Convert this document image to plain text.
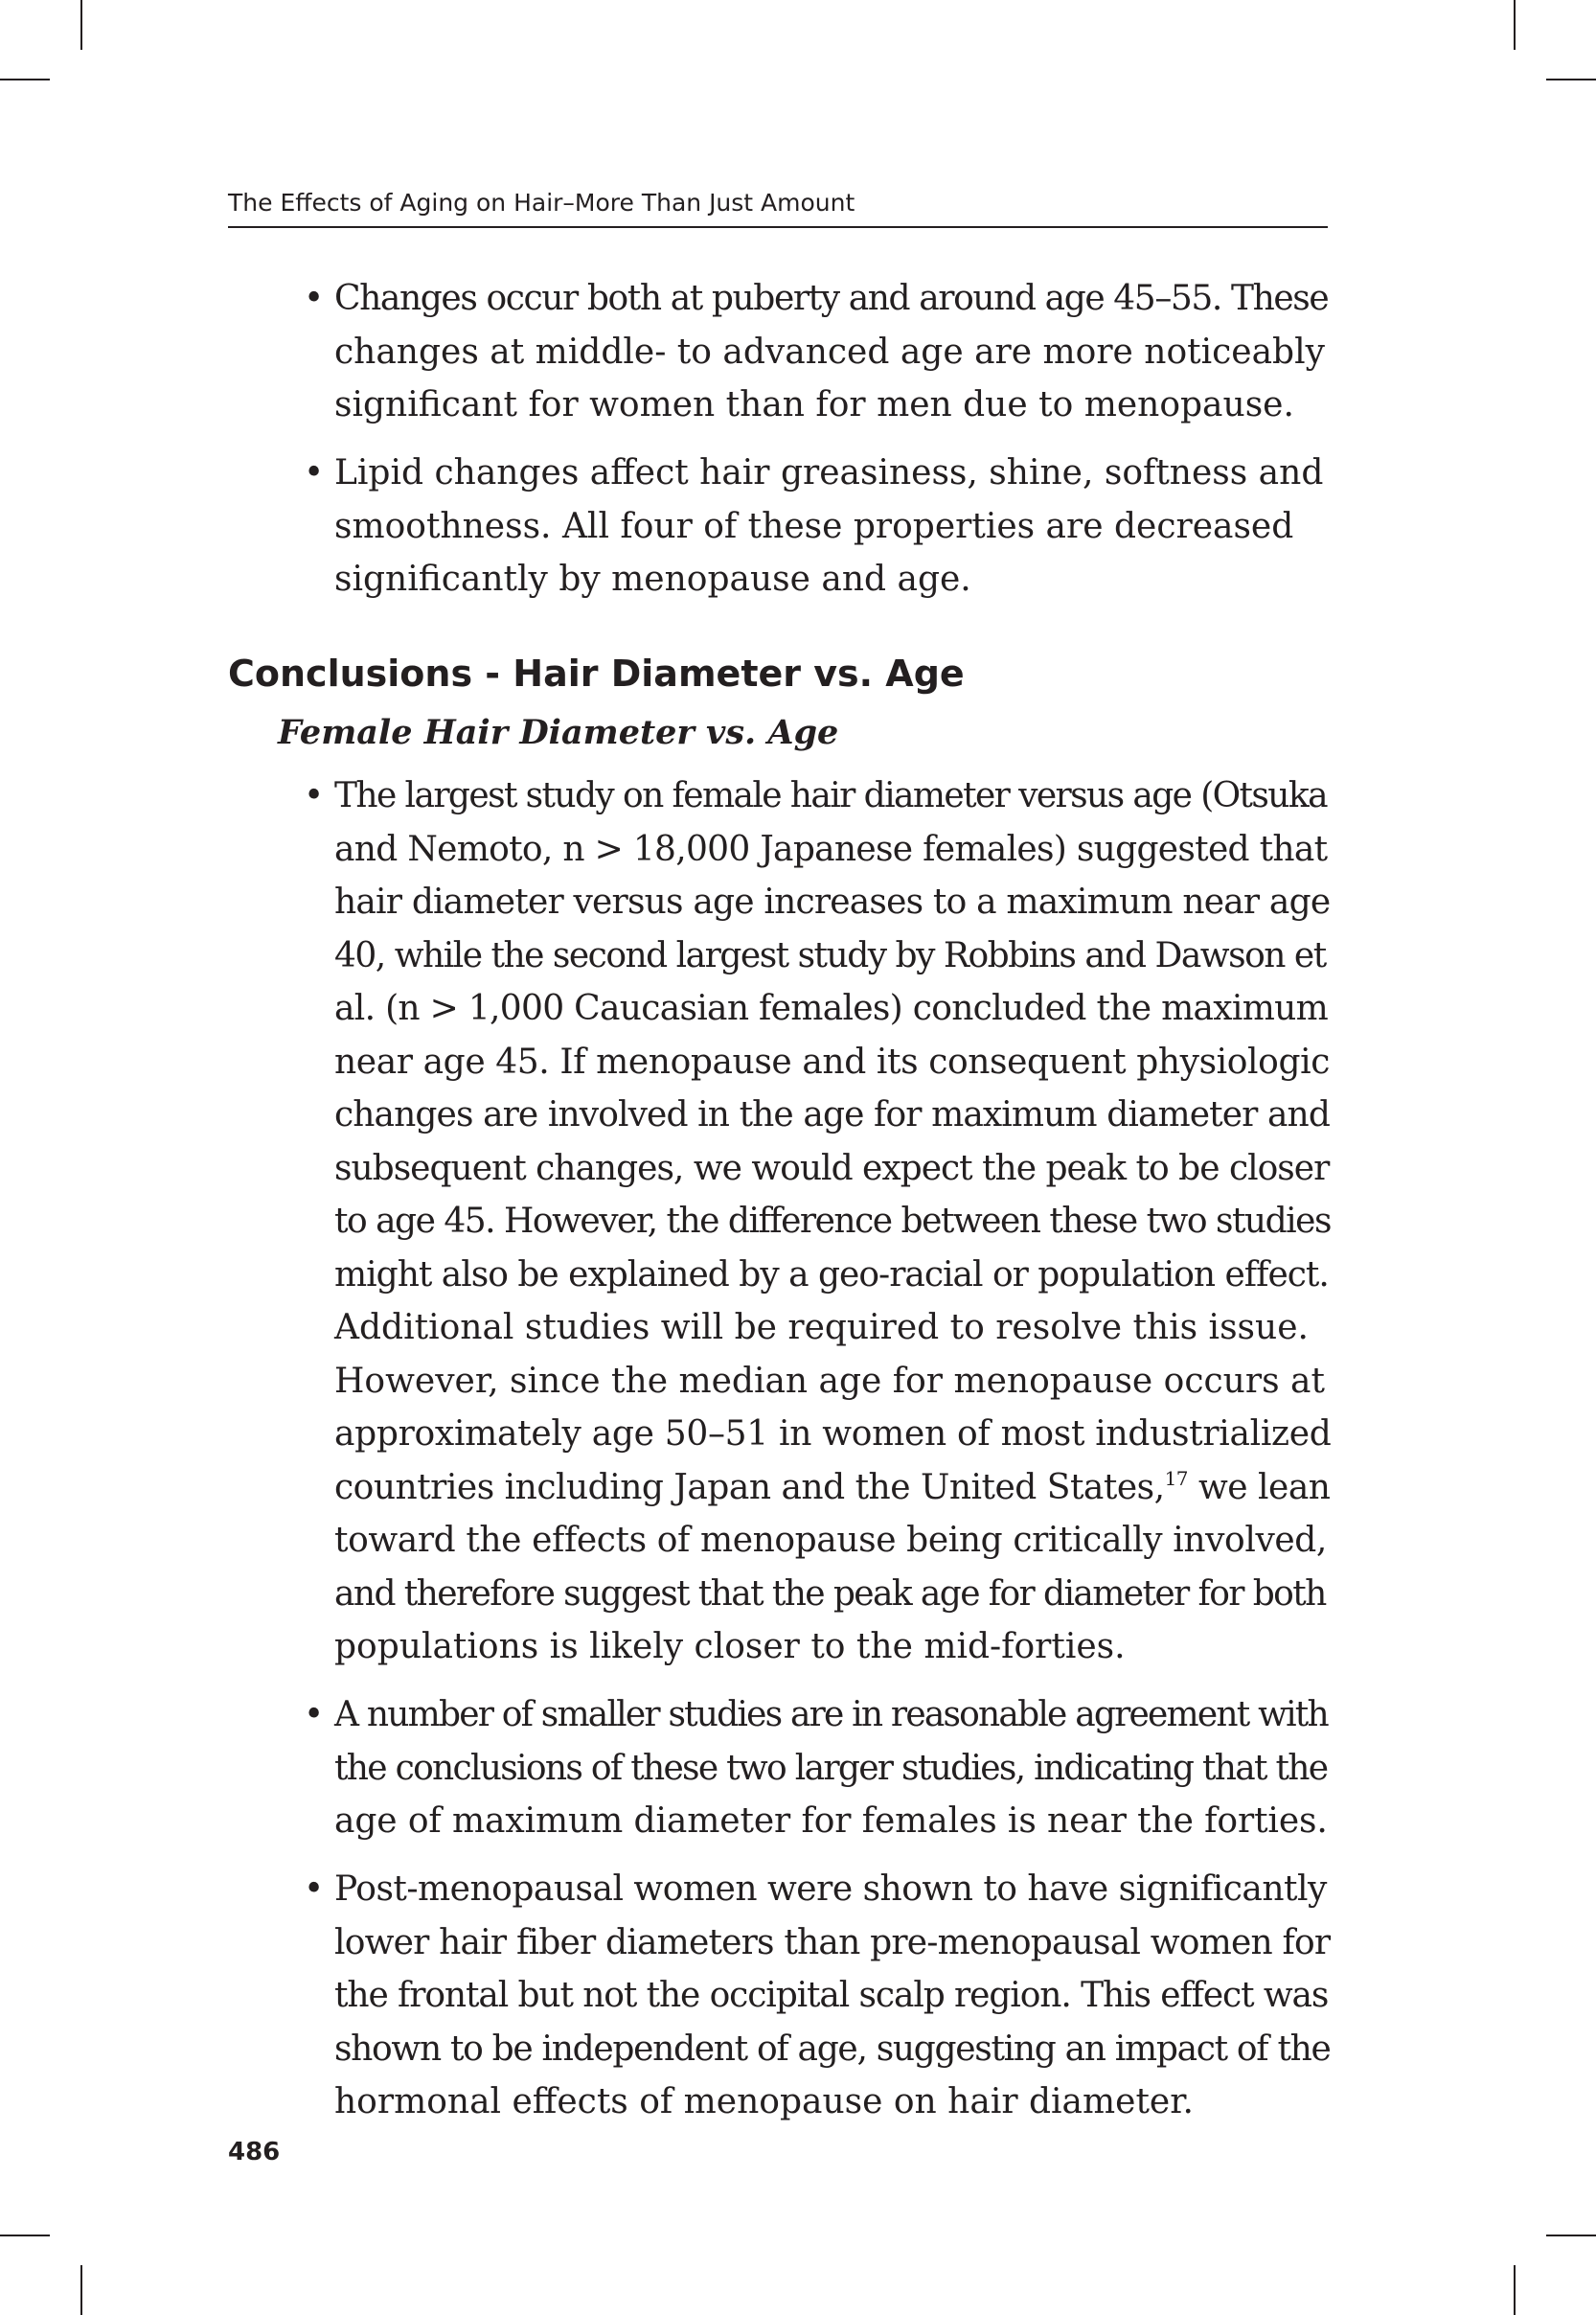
The Effects of Aging on Hair–More Than Just Amount
• Changes occur both at puberty and around age 45–55. These
changes at middle- to advanced age are more noticeably
significant for women than for men due to menopause.
• Lipid changes affect hair greasiness, shine, softness and
smoothness. All four of these properties are decreased
significantly by menopause and age.
Conclusions - Hair Diameter vs. Age
Female Hair Diameter vs. Age
• The largest study on female hair diameter versus age (Otsuka
and Nemoto, n > 18,000 Japanese females) suggested that
hair diameter versus age increases to a maximum near age
40, while the second largest study by Robbins and Dawson et
al. (n > 1,000 Caucasian females) concluded the maximum
near age 45. If menopause and its consequent physiologic
changes are involved in the age for maximum diameter and
subsequent changes, we would expect the peak to be closer
to age 45. However, the difference between these two studies
might also be explained by a geo-racial or population effect.
Additional studies will be required to resolve this issue.
However, since the median age for menopause occurs at
approximately age 50–51 in women of most industrialized
countries including Japan and the United States,$^{17}$ we lean
toward the effects of menopause being critically involved,
and therefore suggest that the peak age for diameter for both
populations is likely closer to the mid-forties.
• A number of smaller studies are in reasonable agreement with
the conclusions of these two larger studies, indicating that the
age of maximum diameter for females is near the forties.
• Post-menopausal women were shown to have significantly
lower hair fiber diameters than pre-menopausal women for
the frontal but not the occipital scalp region. This effect was
shown to be independent of age, suggesting an impact of the
hormonal effects of menopause on hair diameter.
486
